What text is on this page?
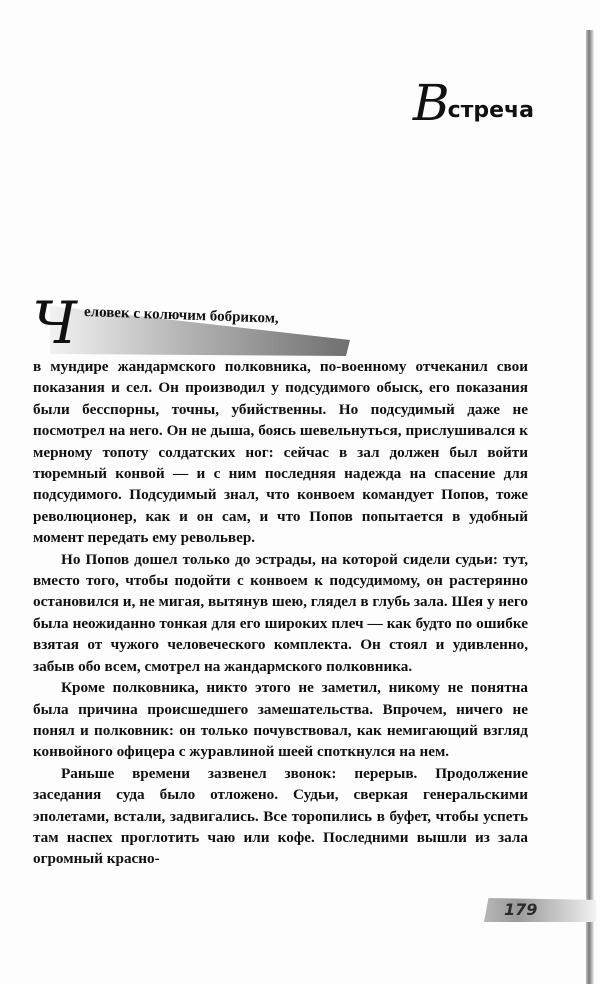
Встреча
Ч еловек с колючим бобриком,

в мундире жандармского полковника, по-военному отчеканил свои показания и сел. Он производил у подсудимого обыск, его показания были бесспорны, точны, убийственны. Но подсудимый даже не посмотрел на него. Он не дыша, боясь шевельнуться, прислушивался к мерному топоту солдатских ног: сейчас в зал должен был войти тюремный конвой — и с ним последняя надежда на спасение для подсудимого. Подсудимый знал, что конвоем командует Попов, тоже революционер, как и он сам, и что Попов попытается в удобный момент передать ему револьвер.

Но Попов дошел только до эстрады, на которой сидели судьи: тут, вместо того, чтобы подойти с конвоем к подсудимому, он растерянно остановился и, не мигая, вытянув шею, глядел в глубь зала. Шея у него была неожиданно тонкая для его широких плеч — как будто по ошибке взятая от чужого человеческого комплекта. Он стоял и удивленно, забыв обо всем, смотрел на жандармского полковника.

Кроме полковника, никто этого не заметил, никому не понятна была причина происшедшего замешательства. Впрочем, ничего не понял и полковник: он только почувствовал, как немигающий взгляд конвойного офицера с журавлиной шеей споткнулся на нем.

Раньше времени зазвенел звонок: перерыв. Продолжение заседания суда было отложено. Судьи, сверкая генеральскими эполетами, встали, задвигались. Все торопились в буфет, чтобы успеть там наспех проглотить чаю или кофе. Последними вышли из зала огромный красно-

179
